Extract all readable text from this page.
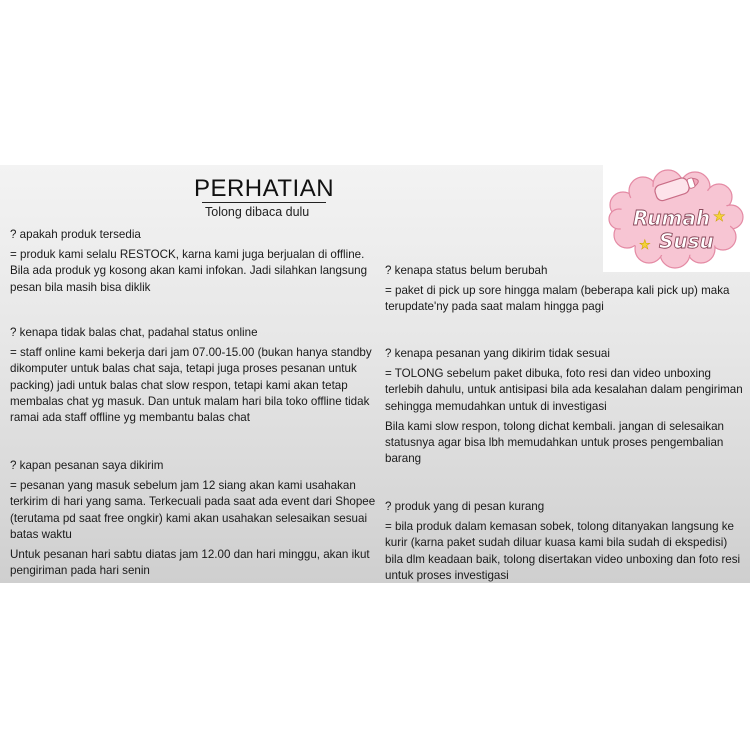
PERHATIAN
Tolong dibaca dulu	Rumah
Susu
★
★

? apakah produk tersedia

= produk kami selalu RESTOCK, karna kami juga berjualan di offline. Bila ada produk yg kosong akan kami infokan. Jadi silahkan langsung pesan bila masih bisa diklik

? kenapa tidak balas chat, padahal status online

= staff online kami bekerja dari jam 07.00-15.00 (bukan hanya standby dikomputer untuk balas chat saja, tetapi juga proses pesanan untuk packing) jadi untuk balas chat slow respon, tetapi kami akan tetap membalas chat yg masuk. Dan untuk malam hari bila toko offline tidak ramai ada staff offline yg membantu balas chat

? kapan pesanan saya dikirim

= pesanan yang masuk sebelum jam 12 siang akan kami usahakan terkirim di hari yang sama. Terkecuali pada saat ada event dari Shopee (terutama pd saat free ongkir) kami akan usahakan selesaikan sesuai batas waktu

Untuk pesanan hari sabtu diatas jam 12.00 dan hari minggu, akan ikut pengiriman pada hari senin

? kenapa status belum berubah

= paket di pick up sore hingga malam (beberapa kali pick up) maka terupdate'ny pada saat malam hingga pagi

? kenapa pesanan yang dikirim tidak sesuai

= TOLONG sebelum paket dibuka, foto resi dan video unboxing terlebih dahulu, untuk antisipasi bila ada kesalahan dalam pengiriman sehingga memudahkan untuk di investigasi

Bila kami slow respon, tolong dichat kembali. jangan di selesaikan statusnya agar bisa lbh memudahkan untuk proses pengembalian barang

? produk yang di pesan kurang

= bila produk dalam kemasan sobek, tolong ditanyakan langsung ke kurir (karna paket sudah diluar kuasa kami bila sudah di ekspedisi) bila dlm keadaan baik, tolong disertakan video unboxing dan foto resi untuk proses investigasi
